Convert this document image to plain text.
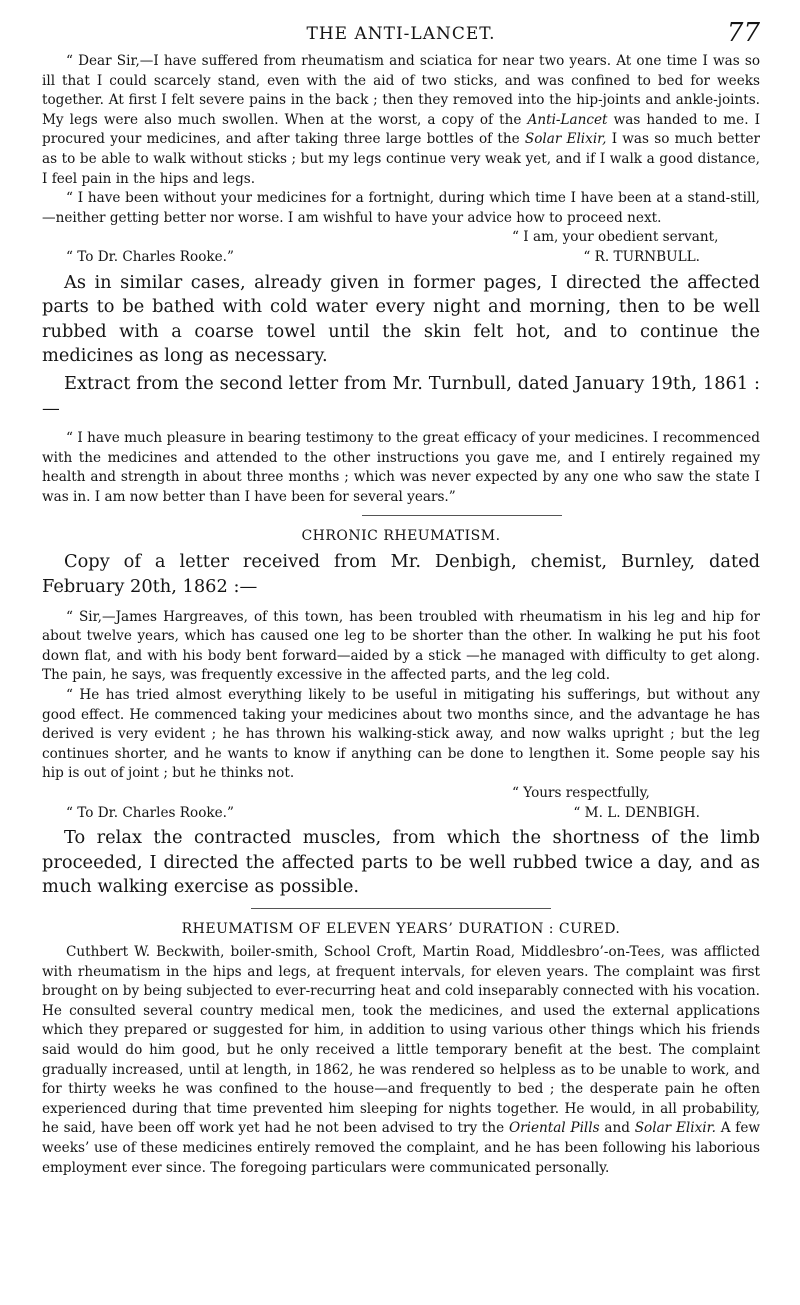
THE ANTI-LANCET.	77

“ Dear Sir,—I have suffered from rheumatism and sciatica for near two years. At one time I was so ill that I could scarcely stand, even with the aid of two sticks, and was confined to bed for weeks together. At first I felt severe pains in the back ; then they removed into the hip-joints and ankle-joints. My legs were also much swollen. When at the worst, a copy of the Anti-Lancet was handed to me. I procured your medicines, and after taking three large bottles of the Solar Elixir, I was so much better as to be able to walk without sticks ; but my legs continue very weak yet, and if I walk a good distance, I feel pain in the hips and legs.

“ I have been without your medicines for a fortnight, during which time I have been at a stand-still,—neither getting better nor worse. I am wishful to have your advice how to proceed next.

“ I am, your obedient servant,
“ To Dr. Charles Rooke.”	“ R. TURNBULL.

As in similar cases, already given in former pages, I directed the affected parts to be bathed with cold water every night and morning, then to be well rubbed with a coarse towel until the skin felt hot, and to continue the medicines as long as necessary.

Extract from the second letter from Mr. Turnbull, dated January 19th, 1861 :—

“ I have much pleasure in bearing testimony to the great efficacy of your medicines. I recommenced with the medicines and attended to the other instructions you gave me, and I entirely regained my health and strength in about three months ; which was never expected by any one who saw the state I was in. I am now better than I have been for several years.”

CHRONIC RHEUMATISM.

Copy of a letter received from Mr. Denbigh, chemist, Burnley, dated February 20th, 1862 :—

“ Sir,—James Hargreaves, of this town, has been troubled with rheumatism in his leg and hip for about twelve years, which has caused one leg to be shorter than the other. In walking he put his foot down flat, and with his body bent forward—aided by a stick —he managed with difficulty to get along. The pain, he says, was frequently excessive in the affected parts, and the leg cold.

“ He has tried almost everything likely to be useful in mitigating his sufferings, but without any good effect. He commenced taking your medicines about two months since, and the advantage he has derived is very evident ; he has thrown his walking-stick away, and now walks upright ; but the leg continues shorter, and he wants to know if anything can be done to lengthen it. Some people say his hip is out of joint ; but he thinks not.

“ Yours respectfully,
“ To Dr. Charles Rooke.”	“ M. L. DENBIGH.

To relax the contracted muscles, from which the shortness of the limb proceeded, I directed the affected parts to be well rubbed twice a day, and as much walking exercise as possible.

RHEUMATISM OF ELEVEN YEARS’ DURATION : CURED.

Cuthbert W. Beckwith, boiler-smith, School Croft, Martin Road, Middlesbro’-on-Tees, was afflicted with rheumatism in the hips and legs, at frequent intervals, for eleven years. The complaint was first brought on by being subjected to ever-recurring heat and cold inseparably connected with his vocation. He consulted several country medical men, took the medicines, and used the external applications which they prepared or suggested for him, in addition to using various other things which his friends said would do him good, but he only received a little temporary benefit at the best. The complaint gradually increased, until at length, in 1862, he was rendered so helpless as to be unable to work, and for thirty weeks he was confined to the house—and frequently to bed ; the desperate pain he often experienced during that time prevented him sleeping for nights together. He would, in all probability, he said, have been off work yet had he not been advised to try the Oriental Pills and Solar Elixir. A few weeks’ use of these medicines entirely removed the complaint, and he has been following his laborious employment ever since. The foregoing particulars were communicated personally.
